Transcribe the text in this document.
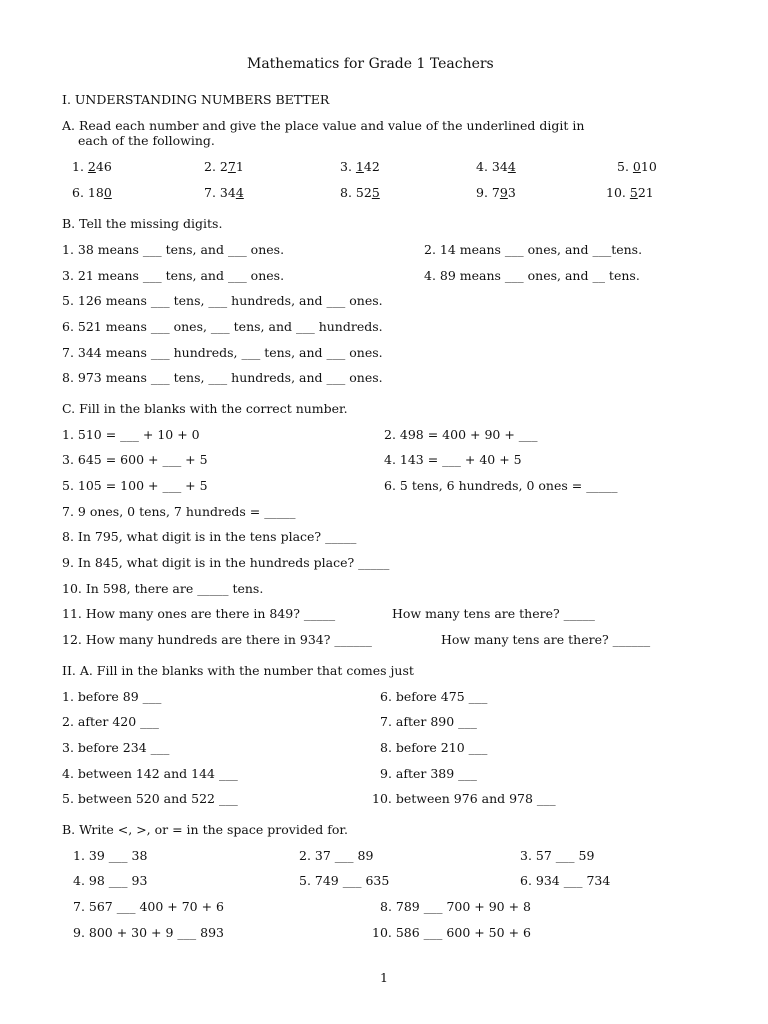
Mathematics for Grade 1 Teachers
I. UNDERSTANDING NUMBERS BETTER
A. Read each number and give the place value and value of the underlined digit in
each of the following.
1. 246	2. 271	3. 142	4. 344	5. 010
6. 180	7. 344	8. 525	9. 793	10. 521
B. Tell the missing digits.
1. 38 means ___ tens, and ___ ones.	2. 14 means ___ ones, and ___tens.
3. 21 means ___ tens, and ___ ones.	4. 89 means ___ ones, and __ tens.
5. 126 means ___ tens, ___ hundreds, and ___ ones.
6. 521 means ___ ones, ___ tens, and ___ hundreds.
7. 344 means ___ hundreds, ___ tens, and ___ ones.
8. 973 means ___ tens, ___ hundreds, and ___ ones.
C. Fill in the blanks with the correct number.
1. 510 = ___ + 10 + 0	2. 498 = 400 + 90 + ___
3. 645 = 600 + ___ + 5	4. 143 = ___ + 40 + 5
5. 105 = 100 + ___ + 5	6. 5 tens, 6 hundreds, 0 ones = _____
7. 9 ones, 0 tens, 7 hundreds = _____
8. In 795, what digit is in the tens place? _____
9. In 845, what digit is in the hundreds place? _____
10. In 598, there are _____ tens.
11. How many ones are there in 849? _____	How many tens are there? _____
12. How many hundreds are there in 934? ______	How many tens are there? ______
II. A. Fill in the blanks with the number that comes just
1. before 89 ___	6. before 475 ___
2. after 420 ___	7. after 890 ___
3. before 234 ___	8. before 210 ___
4. between 142 and 144 ___	9. after 389 ___
5. between 520 and 522 ___	10. between 976 and 978 ___
B. Write <, >, or = in the space provided for.
1. 39 ___ 38	2. 37 ___ 89	3. 57 ___ 59
4. 98 ___ 93	5. 749 ___ 635	6. 934 ___ 734
7. 567 ___ 400 + 70 + 6	8. 789 ___ 700 + 90 + 8
9. 800 + 30 + 9 ___ 893	10. 586 ___ 600 + 50 + 6
1
